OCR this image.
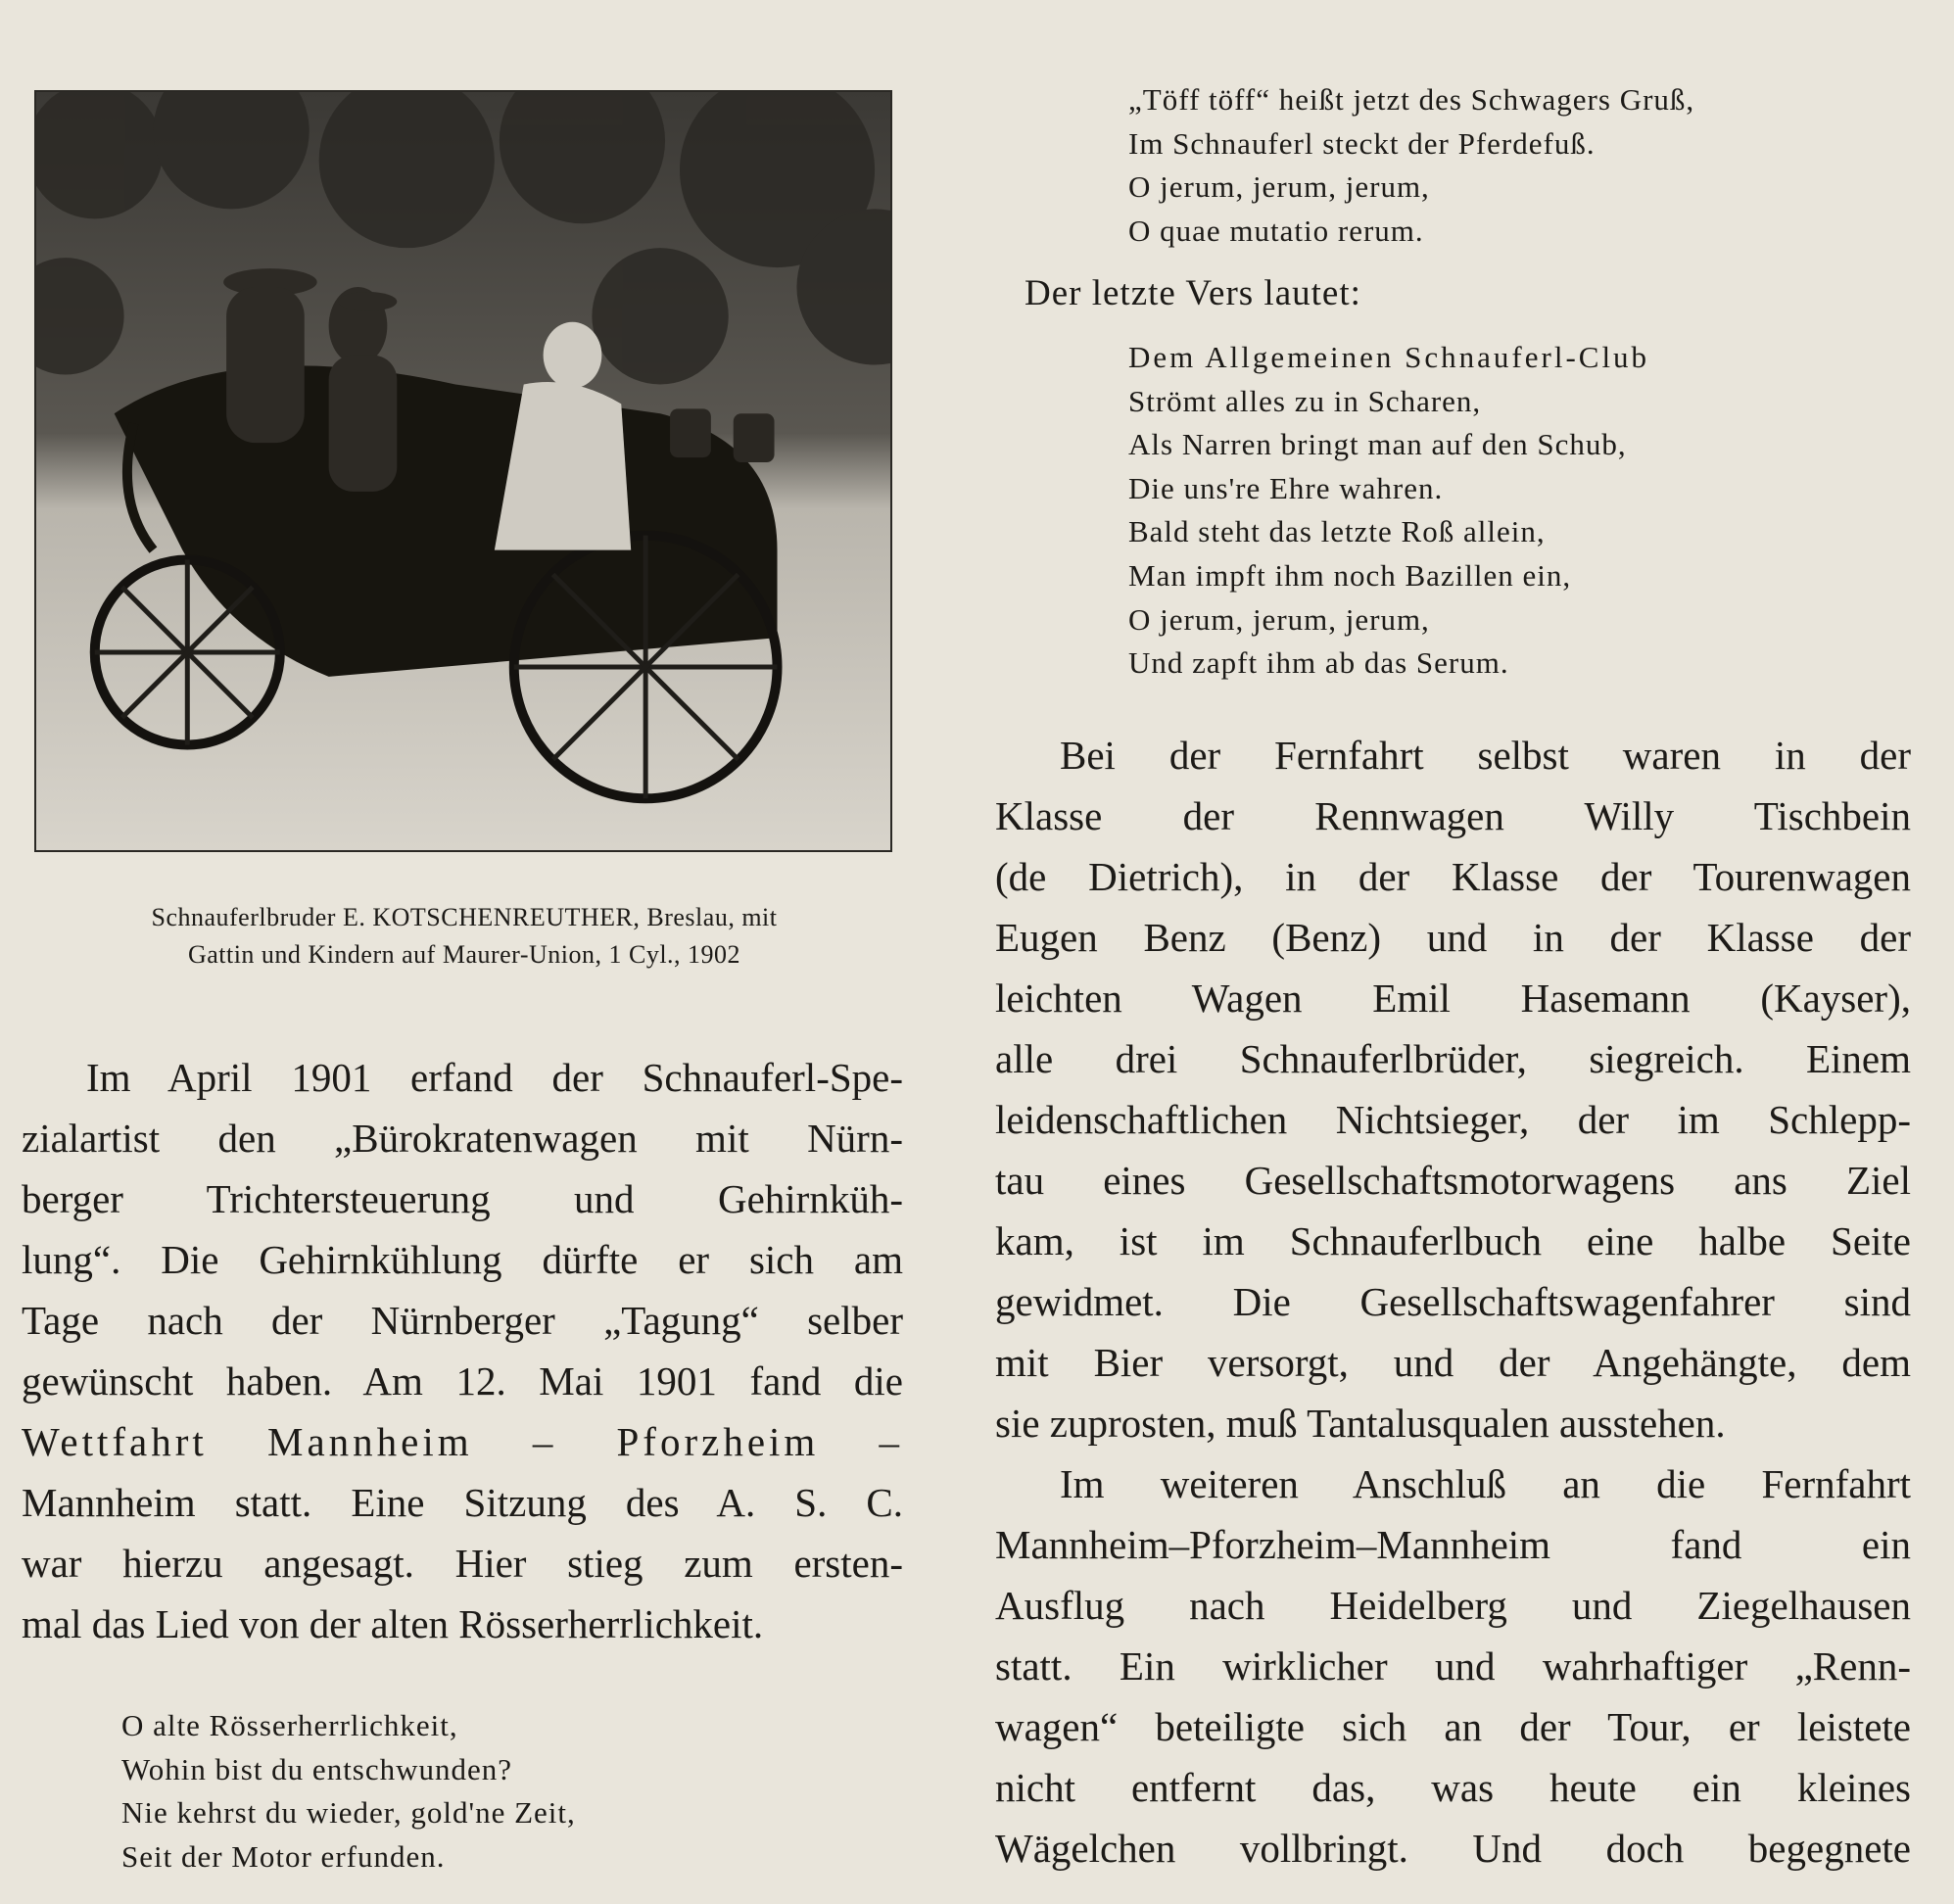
Schnauferlbruder E. KOTSCHENREUTHER, Breslau, mit
Gattin und Kindern auf Maurer-Union, 1 Cyl., 1902
Im April 1901 erfand der Schnauferl-Spe-
zialartist den „Bürokratenwagen mit Nürn-
berger Trichtersteuerung und Gehirnküh-
lung“. Die Gehirnkühlung dürfte er sich am
Tage nach der Nürnberger „Tagung“ selber
gewünscht haben. Am 12. Mai 1901 fand die
Wettfahrt Mannheim – Pforzheim –
Mannheim statt. Eine Sitzung des A. S. C.
war hierzu angesagt. Hier stieg zum ersten-
mal das Lied von der alten Rösserherrlichkeit.
O alte Rösserherrlichkeit,
Wohin bist du entschwunden?
Nie kehrst du wieder, gold'ne Zeit,
Seit der Motor erfunden.
„Töff töff“ heißt jetzt des Schwagers Gruß,
Im Schnauferl steckt der Pferdefuß.
O jerum, jerum, jerum,
O quae mutatio rerum.
Der letzte Vers lautet:
Dem Allgemeinen Schnauferl-Club
Strömt alles zu in Scharen,
Als Narren bringt man auf den Schub,
Die uns're Ehre wahren.
Bald steht das letzte Roß allein,
Man impft ihm noch Bazillen ein,
O jerum, jerum, jerum,
Und zapft ihm ab das Serum.
Bei der Fernfahrt selbst waren in der
Klasse der Rennwagen Willy Tischbein
(de Dietrich), in der Klasse der Tourenwagen
Eugen Benz (Benz) und in der Klasse der
leichten Wagen Emil Hasemann (Kayser),
alle drei Schnauferlbrüder, siegreich. Einem
leidenschaftlichen Nichtsieger, der im Schlepp-
tau eines Gesellschaftsmotorwagens ans Ziel
kam, ist im Schnauferlbuch eine halbe Seite
gewidmet. Die Gesellschaftswagenfahrer sind
mit Bier versorgt, und der Angehängte, dem
sie zuprosten, muß Tantalusqualen ausstehen.
Im weiteren Anschluß an die Fernfahrt
Mannheim–Pforzheim–Mannheim fand ein
Ausflug nach Heidelberg und Ziegelhausen
statt. Ein wirklicher und wahrhaftiger „Renn-
wagen“ beteiligte sich an der Tour, er leistete
nicht entfernt das, was heute ein kleines
Wägelchen vollbringt. Und doch begegnete
